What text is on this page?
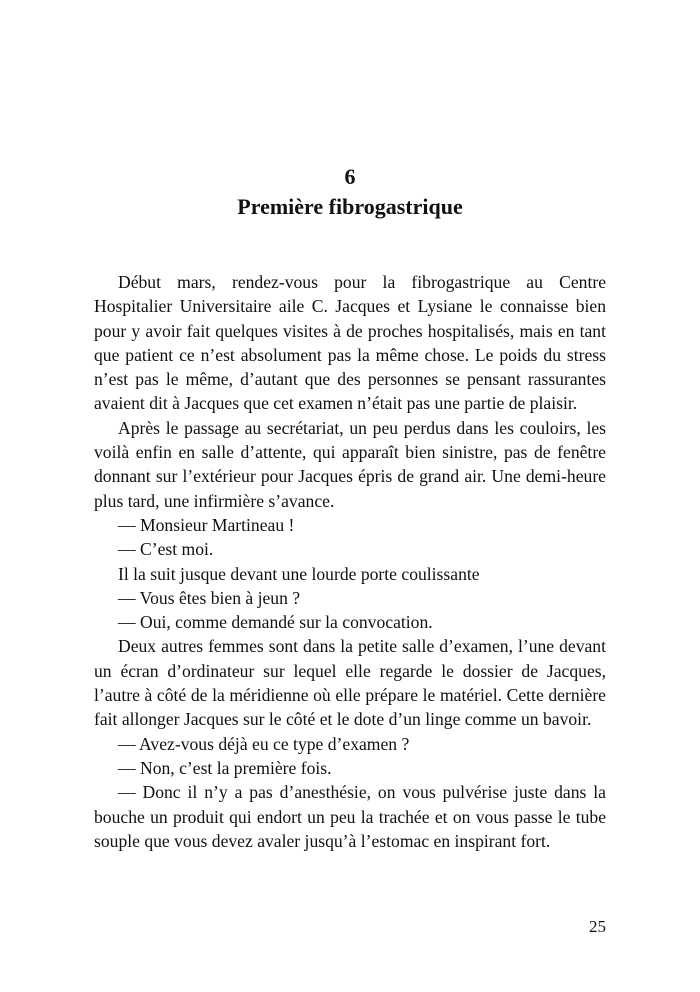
6
Première fibrogastrique

Début mars, rendez-vous pour la fibrogastrique au Centre Hospitalier Universitaire aile C. Jacques et Lysiane le connaisse bien pour y avoir fait quelques visites à de proches hospitalisés, mais en tant que patient ce n’est absolument pas la même chose. Le poids du stress n’est pas le même, d’autant que des personnes se pensant rassurantes avaient dit à Jacques que cet examen n’était pas une partie de plaisir.

Après le passage au secrétariat, un peu perdus dans les couloirs, les voilà enfin en salle d’attente, qui apparaît bien sinistre, pas de fenêtre donnant sur l’extérieur pour Jacques épris de grand air. Une demi-heure plus tard, une infirmière s’avance.

— Monsieur Martineau !

— C’est moi.

Il la suit jusque devant une lourde porte coulissante

— Vous êtes bien à jeun ?

— Oui, comme demandé sur la convocation.

Deux autres femmes sont dans la petite salle d’examen, l’une devant un écran d’ordinateur sur lequel elle regarde le dossier de Jacques, l’autre à côté de la méridienne où elle prépare le matériel. Cette dernière fait allonger Jacques sur le côté et le dote d’un linge comme un bavoir.

— Avez-vous déjà eu ce type d’examen ?

— Non, c’est la première fois.

— Donc il n’y a pas d’anesthésie, on vous pulvérise juste dans la bouche un produit qui endort un peu la trachée et on vous passe le tube souple que vous devez avaler jusqu’à l’estomac en inspirant fort.

25
